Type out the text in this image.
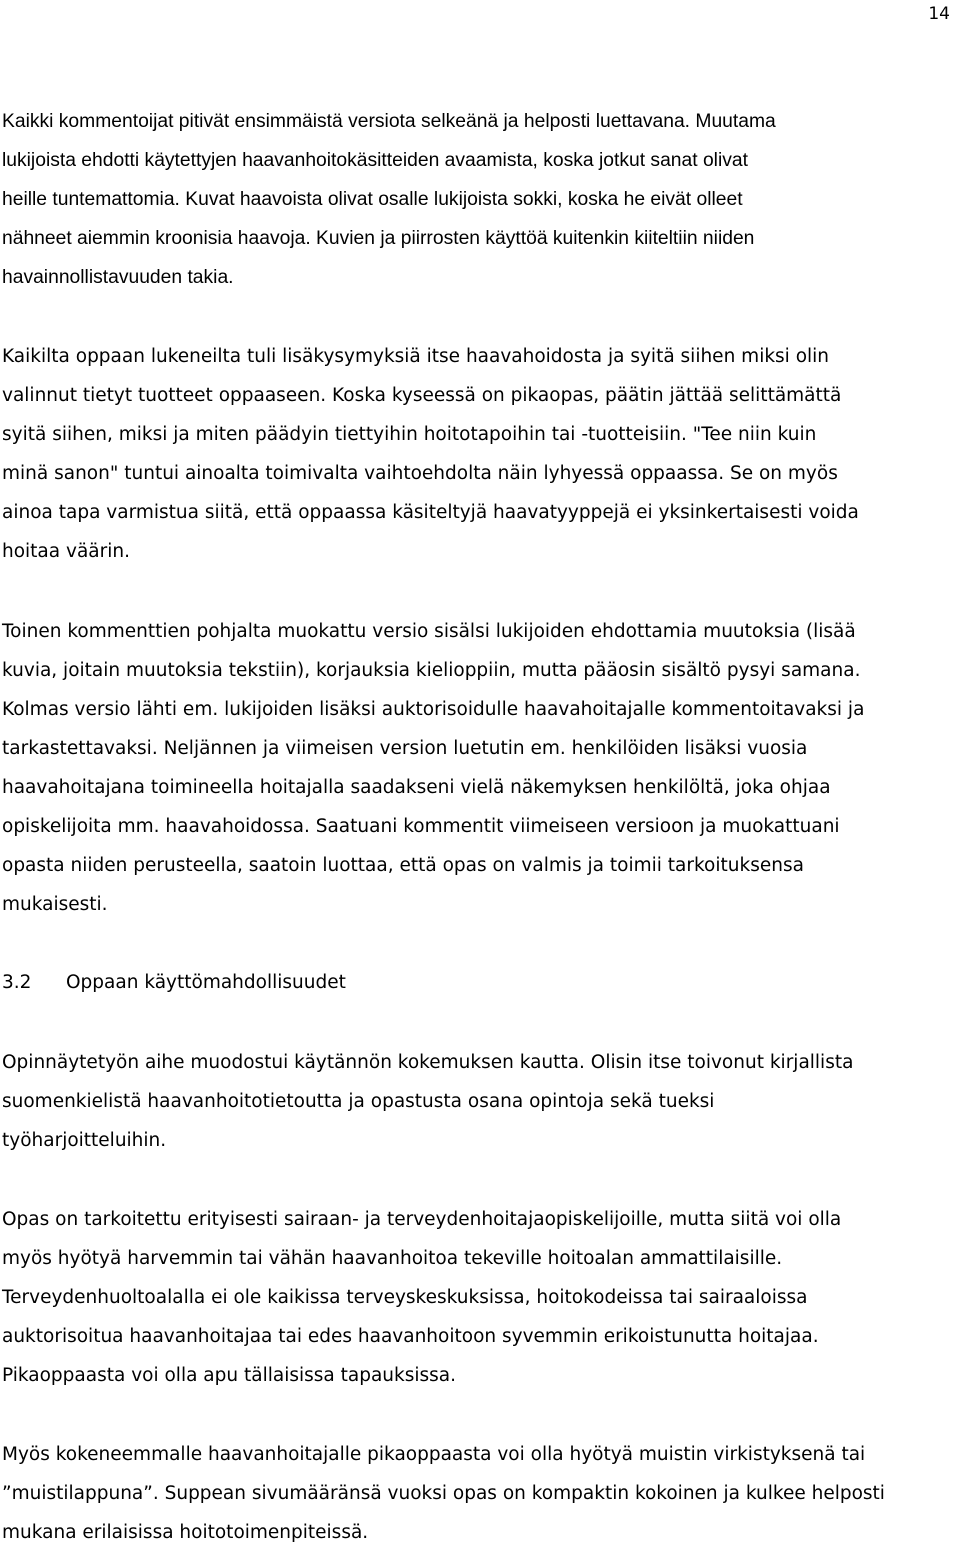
14
Kaikki kommentoijat pitivät ensimmäistä versiota selkeänä ja helposti luettavana. Muutama
lukijoista ehdotti käytettyjen haavanhoitokäsitteiden avaamista, koska jotkut sanat olivat
heille tuntemattomia. Kuvat haavoista olivat osalle lukijoista sokki, koska he eivät olleet
nähneet aiemmin kroonisia haavoja. Kuvien ja piirrosten käyttöä kuitenkin kiiteltiin niiden
havainnollistavuuden takia.
Kaikilta oppaan lukeneilta tuli lisäkysymyksiä itse haavahoidosta ja syitä siihen miksi olin
valinnut tietyt tuotteet oppaaseen. Koska kyseessä on pikaopas, päätin jättää selittämättä
syitä siihen, miksi ja miten päädyin tiettyihin hoitotapoihin tai -tuotteisiin. "Tee niin kuin
minä sanon" tuntui ainoalta toimivalta vaihtoehdolta näin lyhyessä oppaassa. Se on myös
ainoa tapa varmistua siitä, että oppaassa käsiteltyjä haavatyyppejä ei yksinkertaisesti voida
hoitaa väärin.
Toinen kommenttien pohjalta muokattu versio sisälsi lukijoiden ehdottamia muutoksia (lisää
kuvia, joitain muutoksia tekstiin), korjauksia kielioppiin, mutta pääosin sisältö pysyi samana.
Kolmas versio lähti em. lukijoiden lisäksi auktorisoidulle haavahoitajalle kommentoitavaksi ja
tarkastettavaksi. Neljännen ja viimeisen version luetutin em. henkilöiden lisäksi vuosia
haavahoitajana toimineella hoitajalla saadakseni vielä näkemyksen henkilöltä, joka ohjaa
opiskelijoita mm. haavahoidossa. Saatuani kommentit viimeiseen versioon ja muokattuani
opasta niiden perusteella, saatoin luottaa, että opas on valmis ja toimii tarkoituksensa
mukaisesti.
3.2 Oppaan käyttömahdollisuudet
Opinnäytetyön aihe muodostui käytännön kokemuksen kautta. Olisin itse toivonut kirjallista
suomenkielistä haavanhoitotietoutta ja opastusta osana opintoja sekä tueksi
työharjoitteluihin.
Opas on tarkoitettu erityisesti sairaan- ja terveydenhoitajaopiskelijoille, mutta siitä voi olla
myös hyötyä harvemmin tai vähän haavanhoitoa tekeville hoitoalan ammattilaisille.
Terveydenhuoltoalalla ei ole kaikissa terveyskeskuksissa, hoitokodeissa tai sairaaloissa
auktorisoitua haavanhoitajaa tai edes haavanhoitoon syvemmin erikoistunutta hoitajaa.
Pikaoppaasta voi olla apu tällaisissa tapauksissa.
Myös kokeneemmalle haavanhoitajalle pikaoppaasta voi olla hyötyä muistin virkistyksenä tai
”muistilappuna”. Suppean sivumääränsä vuoksi opas on kompaktin kokoinen ja kulkee helposti
mukana erilaisissa hoitotoimenpiteissä.
